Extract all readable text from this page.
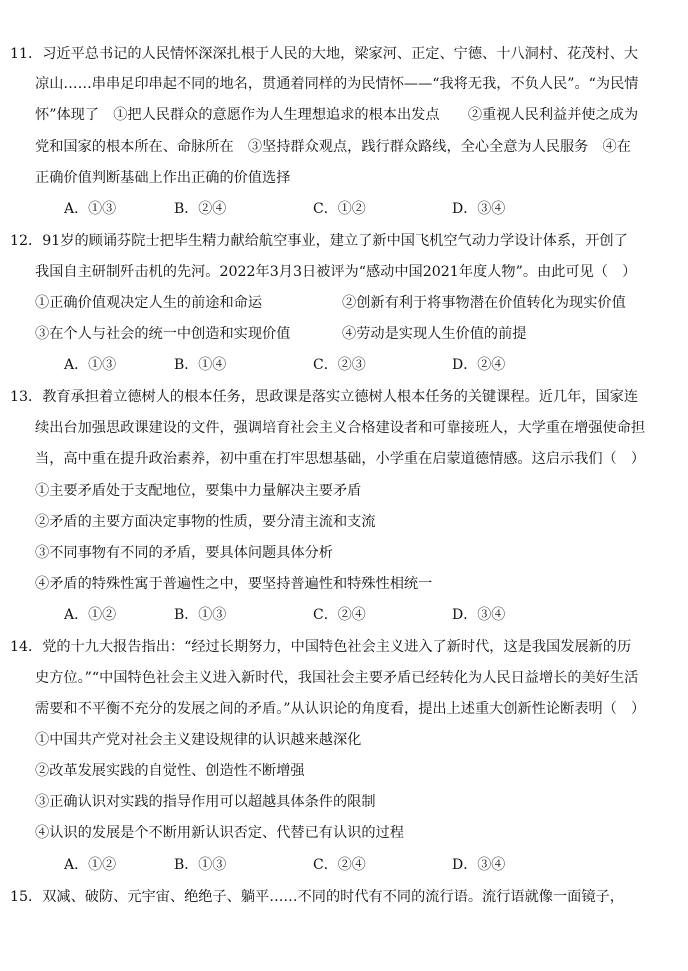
11．习近平总书记的人民情怀深深扎根于人民的大地，梁家河、正定、宁德、十八洞村、花茂村、大
凉山……串串足印串起不同的地名，贯通着同样的为民情怀——“我将无我，不负人民”。“为民情
怀”体现了　①把人民群众的意愿作为人生理想追求的根本出发点　　②重视人民利益并使之成为
党和国家的根本所在、命脉所在　③坚持群众观点，践行群众路线，全心全意为人民服务　④在
正确价值判断基础上作出正确的价值选择
A．①③	B．②④	C．①②	D．③④
12．91岁的顾诵芬院士把毕生精力献给航空事业，建立了新中国飞机空气动力学设计体系，开创了
我国自主研制歼击机的先河。2022年3月3日被评为“感动中国2021年度人物”。由此可见（　）
①正确价值观决定人生的前途和命运	②创新有利于将事物潜在价值转化为现实价值
③在个人与社会的统一中创造和实现价值	④劳动是实现人生价值的前提
A．①③	B．①④	C．②③	D．②④
13．教育承担着立德树人的根本任务，思政课是落实立德树人根本任务的关键课程。近几年，国家连
续出台加强思政课建设的文件，强调培育社会主义合格建设者和可靠接班人，大学重在增强使命担
当，高中重在提升政治素养，初中重在打牢思想基础，小学重在启蒙道德情感。这启示我们（　）
①主要矛盾处于支配地位，要集中力量解决主要矛盾
②矛盾的主要方面决定事物的性质，要分清主流和支流
③不同事物有不同的矛盾，要具体问题具体分析
④矛盾的特殊性寓于普遍性之中，要坚持普遍性和特殊性相统一
A．①②	B．①③	C．②④	D．③④
14．党的十九大报告指出：“经过长期努力，中国特色社会主义进入了新时代，这是我国发展新的历
史方位。”“中国特色社会主义进入新时代，我国社会主要矛盾已经转化为人民日益增长的美好生活
需要和不平衡不充分的发展之间的矛盾。”从认识论的角度看，提出上述重大创新性论断表明（　）
①中国共产党对社会主义建设规律的认识越来越深化
②改革发展实践的自觉性、创造性不断增强
③正确认识对实践的指导作用可以超越具体条件的限制
④认识的发展是个不断用新认识否定、代替已有认识的过程
A．①②	B．①③	C．②④	D．③④
15．双减、破防、元宇宙、绝绝子、躺平……不同的时代有不同的流行语。流行语就像一面镜子，
